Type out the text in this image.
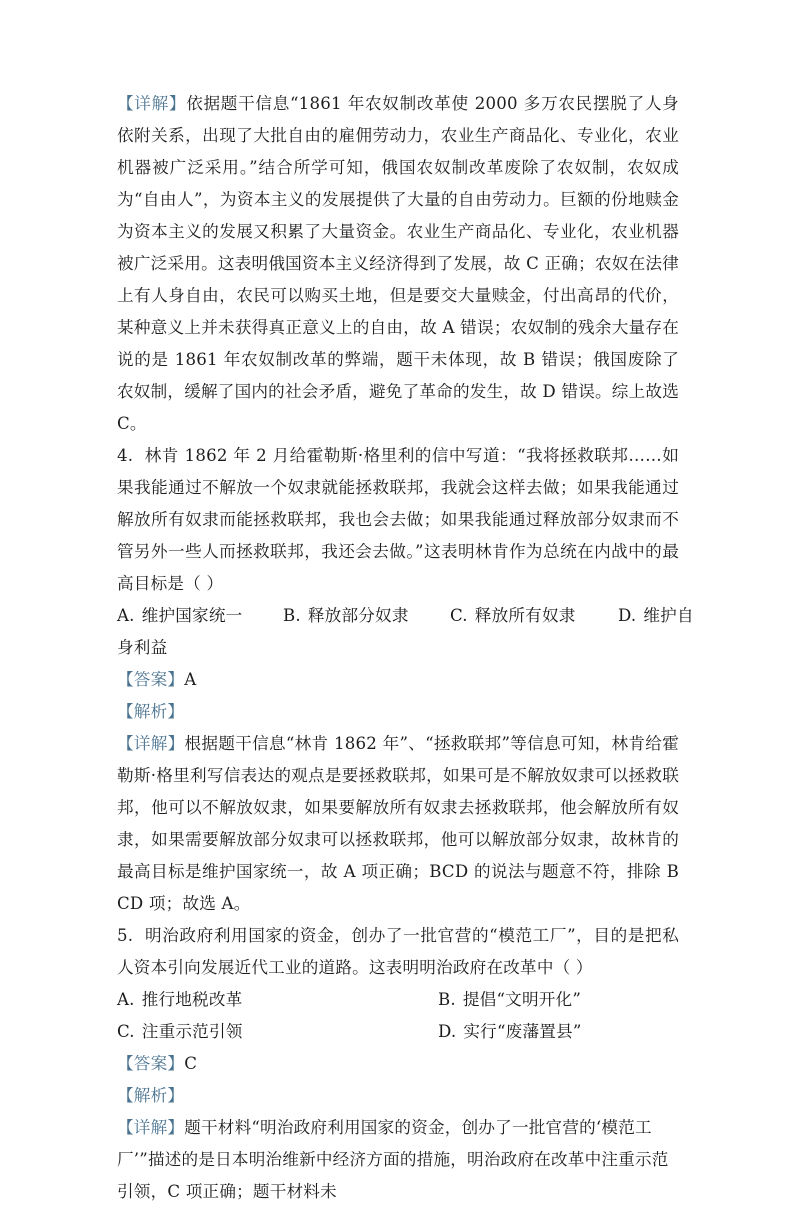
【详解】依据题干信息“1861 年农奴制改革使 2000 多万农民摆脱了人身依附关系，出现了大批自由的雇佣劳动力，农业生产商品化、专业化，农业机器被广泛采用。”结合所学可知，俄国农奴制改革废除了农奴制，农奴成为“自由人”，为资本主义的发展提供了大量的自由劳动力。巨额的份地赎金为资本主义的发展又积累了大量资金。农业生产商品化、专业化，农业机器被广泛采用。这表明俄国资本主义经济得到了发展，故 C 正确；农奴在法律上有人身自由，农民可以购买土地，但是要交大量赎金，付出高昂的代价，某种意义上并未获得真正意义上的自由，故 A 错误；农奴制的残余大量存在说的是 1861 年农奴制改革的弊端，题干未体现，故 B 错误；俄国废除了农奴制，缓解了国内的社会矛盾，避免了革命的发生，故 D 错误。综上故选 C。

4. 林肯 1862 年 2 月给霍勒斯·格里利的信中写道：“我将拯救联邦……如果我能通过不解放一个奴隶就能拯救联邦，我就会这样去做；如果我能通过解放所有奴隶而能拯救联邦，我也会去做；如果我能通过释放部分奴隶而不管另外一些人而拯救联邦，我还会去做。”这表明林肯作为总统在内战中的最高目标是（ ）

A. 维护国家统一 B. 释放部分奴隶 C. 释放所有奴隶	D. 维护自

身利益

【答案】A

【解析】

【详解】根据题干信息“林肯 1862 年”、“拯救联邦”等信息可知，林肯给霍勒斯·格里利写信表达的观点是要拯救联邦，如果可是不解放奴隶可以拯救联邦，他可以不解放奴隶，如果要解放所有奴隶去拯救联邦，他会解放所有奴隶，如果需要解放部分奴隶可以拯救联邦，他可以解放部分奴隶，故林肯的最高目标是维护国家统一，故 A 项正确；BCD 的说法与题意不符，排除 BCD 项；故选 A。

5. 明治政府利用国家的资金，创办了一批官营的“模范工厂”，目的是把私人资本引向发展近代工业的道路。这表明明治政府在改革中（ ）

A. 推行地税改革	B. 提倡“文明开化”
C. 注重示范引领	D. 实行“废藩置县”

【答案】C

【解析】

【详解】题干材料“明治政府利用国家的资金，创办了一批官营的‘模范工厂’”描述的是日本明治维新中经济方面的措施，明治政府在改革中注重示范引领，C 项正确；题干材料未
